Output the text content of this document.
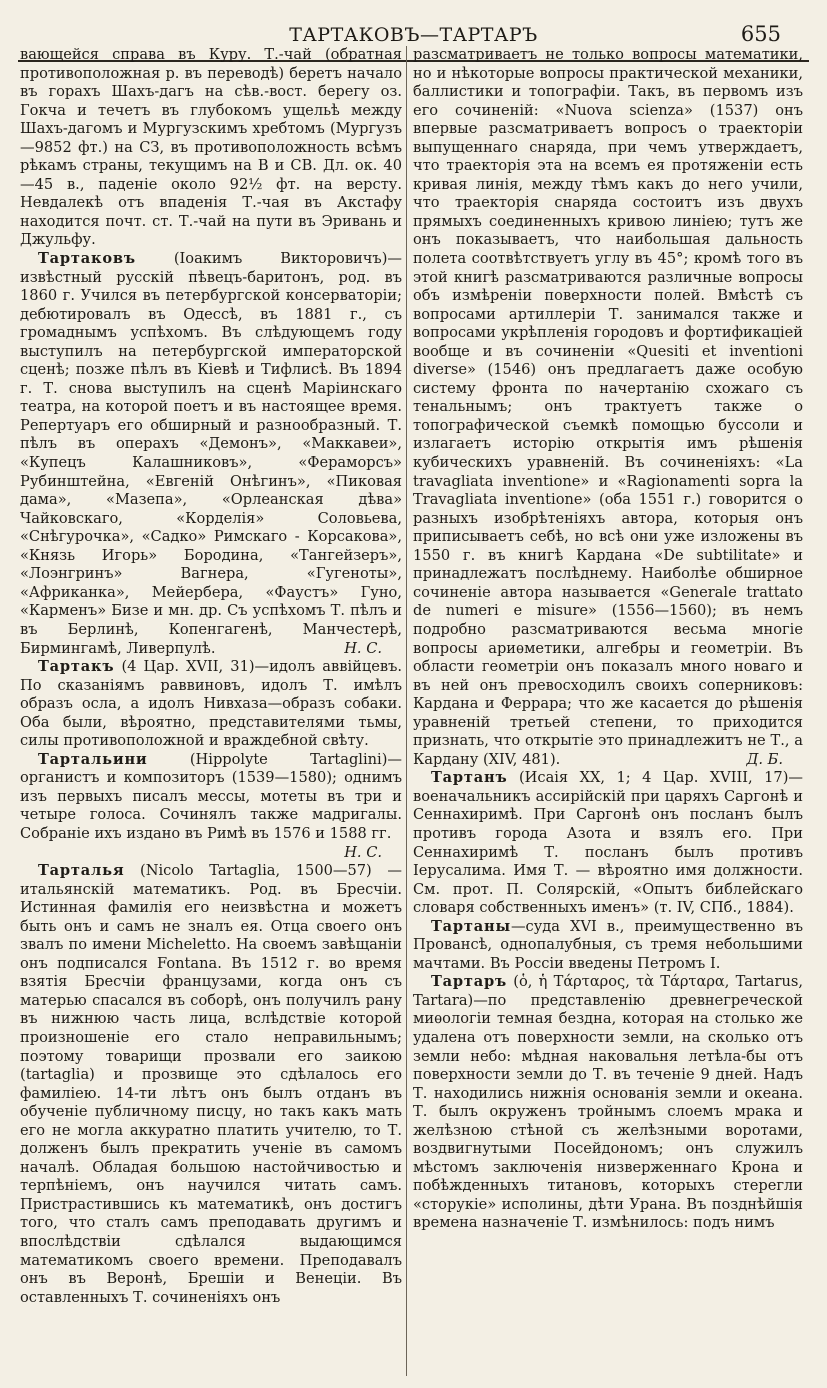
ТАРТАКОВЪ—ТАРТАРЪ	655

вающейся справа въ Куру. Т.-чай (обратная противоположная р. въ переводѣ) беретъ начало въ горахъ Шахъ-дагъ на сѣв.-вост. берегу оз. Гокча и течетъ въ глубокомъ ущельѣ между Шахъ-дагомъ и Мургузскимъ хребтомъ (Мургузъ—9852 фт.) на СЗ, въ противоположность всѣмъ рѣкамъ страны, текущимъ на В и СВ. Дл. ок. 40—45 в., паденіе около 92½ фт. на версту. Невдалекѣ отъ впаденія Т.-чая въ Акстафу находится почт. ст. Т.-чай на пути въ Эривань и Джульфу.

Тартаковъ (Іоакимъ Викторовичъ)—извѣстный русскій пѣвецъ-баритонъ, род. въ 1860 г. Учился въ петербургской консерваторіи; дебютировалъ въ Одессѣ, въ 1881 г., съ громаднымъ успѣхомъ. Въ слѣдующемъ году выступилъ на петербургской императорской сценѣ; позже пѣлъ въ Кіевѣ и Тифлисѣ. Въ 1894 г. Т. снова выступилъ на сценѣ Маріинскаго театра, на которой поетъ и въ настоящее время. Репертуаръ его обширный и разнообразный. Т. пѣлъ въ операхъ «Демонъ», «Маккавеи», «Купецъ Калашниковъ», «Фераморсъ» Рубинштейна, «Евгеній Онѣгинъ», «Пиковая дама», «Мазепа», «Орлеанская дѣва» Чайковскаго, «Корделія» Соловьева, «Снѣгурочка», «Садко» Римскаго - Корсакова», «Князь Игорь» Бородина, «Тангейзеръ», «Лоэнгринъ» Вагнера, «Гугеноты», «Африканка», Мейербера, «Фаустъ» Гуно, «Карменъ» Бизе и мн. др. Съ успѣхомъ Т. пѣлъ и въ Берлинѣ, Копенгагенѣ, Манчестерѣ, Бирмингамѣ, Ливерпулѣ.	Н. С.

Тартакъ (4 Цар. XVII, 31)—идолъ аввійцевъ. По сказаніямъ раввиновъ, идолъ Т. имѣлъ образъ осла, а идолъ Нивхаза—образъ собаки. Оба были, вѣроятно, представителями тьмы, силы противоположной и враждебной свѣту.

Тартальини (Hippolyte Tartaglini)—органистъ и композиторъ (1539—1580); однимъ изъ первыхъ писалъ мессы, мотеты въ три и четыре голоса. Сочинялъ также мадригалы. Собраніе ихъ издано въ Римѣ въ 1576 и 1588 гг.
Н. С.

Тарталья (Nicolo Tartaglia, 1500—57) —итальянскій математикъ. Род. въ Бресчіи. Истинная фамилія его неизвѣстна и можетъ быть онъ и самъ не зналъ ея. Отца своего онъ звалъ по имени Michelettо. На своемъ завѣщаніи онъ подписался Fontana. Въ 1512 г. во время взятія Бресчіи французами, когда онъ съ матерью спасался въ соборѣ, онъ получилъ рану въ нижнюю часть лица, вслѣдствіе которой произношеніе его стало неправильнымъ; поэтому товарищи прозвали его заикою (tartaglia) и прозвище это сдѣлалось его фамиліею. 14-ти лѣтъ онъ былъ отданъ въ обученіе публичному писцу, но такъ какъ мать его не могла аккуратно платить учителю, то Т. долженъ былъ прекратить ученіе въ самомъ началѣ. Обладая большою настойчивостью и терпѣніемъ, онъ научился читать самъ. Пристрастившись къ математикѣ, онъ достигъ того, что сталъ самъ преподавать другимъ и впослѣдствіи сдѣлался выдающимся математикомъ своего времени. Преподавалъ онъ въ Веронѣ, Брешіи и Венеціи. Въ оставленныхъ Т. сочиненіяхъ онъ

разсматриваетъ не только вопросы математики, но и нѣкоторые вопросы практической механики, баллистики и топографіи. Такъ, въ первомъ изъ его сочиненій: «Nuova scienza» (1537) онъ впервые разсматриваетъ вопросъ о траекторіи выпущеннаго снаряда, при чемъ утверждаетъ, что траекторія эта на всемъ ея протяженіи есть кривая линія, между тѣмъ какъ до него учили, что траекторія снаряда состоитъ изъ двухъ прямыхъ соединенныхъ кривою линіею; тутъ же онъ показываетъ, что наибольшая дальность полета соотвѣтствуетъ углу въ 45°; кромѣ того въ этой книгѣ разсматриваются различные вопросы объ измѣреніи поверхности полей. Вмѣстѣ съ вопросами артиллеріи Т. занимался также и вопросами укрѣпленія городовъ и фортификаціей вообще и въ сочиненіи «Quesiti et inventioni diverse» (1546) онъ предлагаетъ даже особую систему фронта по начертанію схожаго съ тенальнымъ; онъ трактуетъ также о топографической съемкѣ помощью буссоли и излагаетъ исторію открытія имъ рѣшенія кубическихъ уравненій. Въ сочиненіяхъ: «La travagliata inventione» и «Ragionamenti sopra la Travagliata inventione» (оба 1551 г.) говорится о разныхъ изобрѣтеніяхъ автора, которыя онъ приписываетъ себѣ, но всѣ они уже изложены въ 1550 г. въ книгѣ Кардана «De subtilitate» и принадлежатъ послѣднему. Наиболѣе обширное сочиненіе автора называется «Generale trattato de numeri e misure» (1556—1560); въ немъ подробно разсматриваются весьма многіе вопросы ариѳметики, алгебры и геометріи. Въ области геометріи онъ показалъ много новаго и въ ней онъ превосходилъ своихъ соперниковъ: Кардана и Феррара; что же касается до рѣшенія уравненій третьей степени, то приходится признать, что открытіе это принадлежитъ не Т., а Кардану (XIV, 481).	Д. Б.

Тартанъ (Исаія XX, 1; 4 Цар. XVIII, 17)—военачальникъ ассирійскій при царяхъ Саргонѣ и Сеннахиримѣ. При Саргонѣ онъ посланъ былъ противъ города Азота и взялъ его. При Сеннахиримѣ Т. посланъ былъ противъ Іерусалима. Имя Т. — вѣроятно имя должности. См. прот. П. Солярскій, «Опытъ библейскаго словаря собственныхъ именъ» (т. IV, СПб., 1884).

Тартаны—суда XVI в., преимущественно въ Провансѣ, однопалубныя, съ тремя небольшими мачтами. Въ Россіи введены Петромъ I.

Тартаръ (ὁ, ἡ Τάρταρος, τὰ Τάρταρα, Tartarus, Tartara)—по представленію древнегреческой миѳологіи темная бездна, которая на столько же удалена отъ поверхности земли, на сколько отъ земли небо: мѣдная наковальня летѣла-бы отъ поверхности земли до Т. въ теченіе 9 дней. Надъ Т. находились нижнія основанія земли и океана. Т. былъ окруженъ тройнымъ слоемъ мрака и желѣзною стѣной съ желѣзными воротами, воздвигнутыми Посейдономъ; онъ служилъ мѣстомъ заключенія низверженнаго Крона и побѣжденныхъ титановъ, которыхъ стерегли «сторукіе» исполины, дѣти Урана. Въ позднѣйшія времена назначеніе Т. измѣнилось: подъ нимъ
